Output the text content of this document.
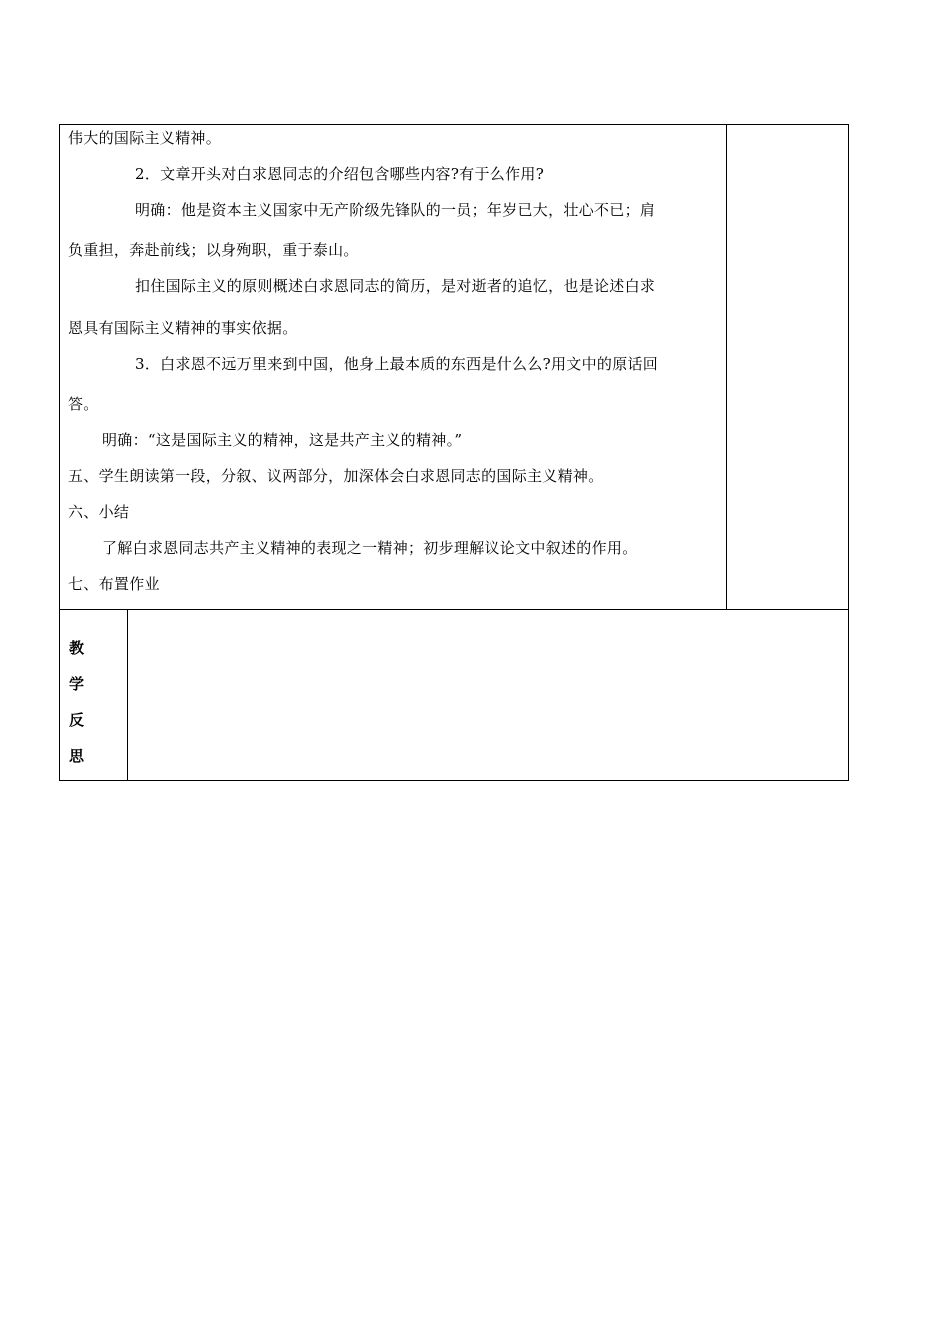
伟大的国际主义精神。
2．文章开头对白求恩同志的介绍包含哪些内容?有于么作用?
明确：他是资本主义国家中无产阶级先锋队的一员；年岁已大，壮心不已；肩
负重担，奔赴前线；以身殉职，重于泰山。
扣住国际主义的原则概述白求恩同志的简历，是对逝者的追忆，也是论述白求
恩具有国际主义精神的事实依据。
3．白求恩不远万里来到中国，他身上最本质的东西是什么么?用文中的原话回
答。
明确：“这是国际主义的精神，这是共产主义的精神。”
五、学生朗读第一段，分叙、议两部分，加深体会白求恩同志的国际主义精神。
六、小结
了解白求恩同志共产主义精神的表现之一精神；初步理解议论文中叙述的作用。
七、布置作业
教
学
反
思
